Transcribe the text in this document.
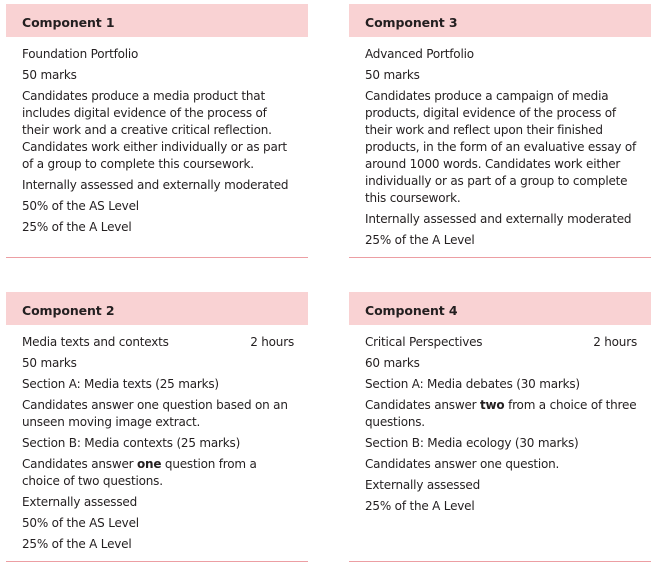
Component 1

Foundation Portfolio

50 marks

Candidates produce a media product that includes digital evidence of the process of their work and a creative critical reflection. Candidates work either individually or as part of a group to complete this coursework.

Internally assessed and externally moderated

50% of the AS Level

25% of the A Level

Component 3

Advanced Portfolio

50 marks

Candidates produce a campaign of media products, digital evidence of the process of their work and reflect upon their finished products, in the form of an evaluative essay of around 1000 words. Candidates work either individually or as part of a group to complete this coursework.

Internally assessed and externally moderated

25% of the A Level

Component 2
Media texts and contexts	2 hours

50 marks

Section A: Media texts (25 marks)

Candidates answer one question based on an unseen moving image extract.

Section B: Media contexts (25 marks)

Candidates answer one question from a choice of two questions.

Externally assessed

50% of the AS Level

25% of the A Level

Component 4
Critical Perspectives	2 hours

60 marks

Section A: Media debates (30 marks)

Candidates answer two from a choice of three questions.

Section B: Media ecology (30 marks)

Candidates answer one question.

Externally assessed

25% of the A Level
